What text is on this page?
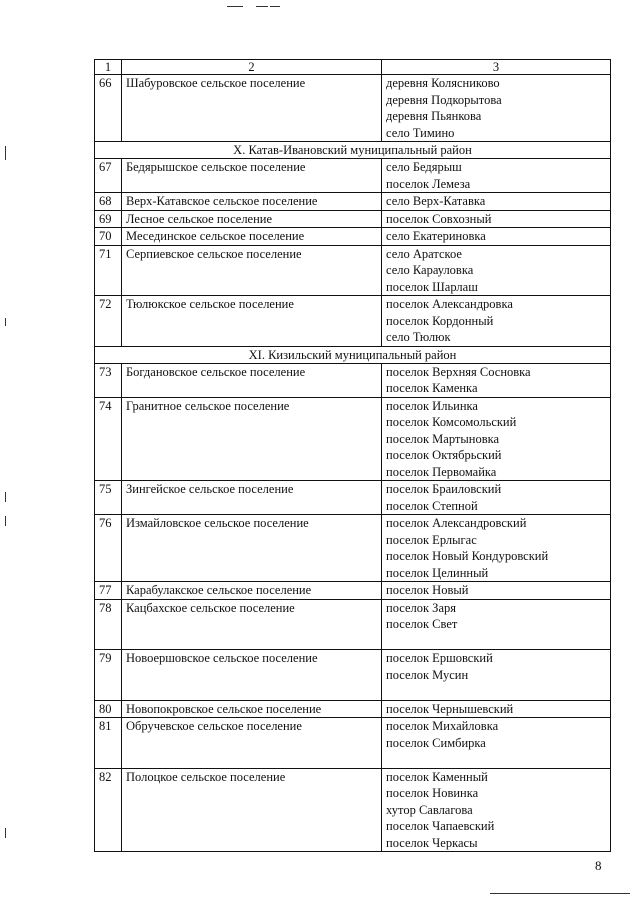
1	2	3
66	Шабуровское сельское поселение	деревня Колясниково
деревня Подкорытова
деревня Пьянкова
село Тимино

X. Катав-Ивановский муниципальный район		
67	Бедярышское сельское поселение	село Бедярыш
поселок Лемеза

68	Верх-Катавское сельское поселение	село Верх-Катавка

69	Лесное сельское поселение	поселок Совхозный

70	Месединское сельское поселение	село Екатериновка

71	Серпиевское сельское поселение	село Аратское
село Карауловка
поселок Шарлаш

72	Тюлюкское сельское поселение	поселок Александровка
поселок Кордонный
село Тюлюк

XI. Кизильский муниципальный район		
73	Богдановское сельское поселение	поселок Верхняя Сосновка
поселок Каменка

74	Гранитное сельское поселение	поселок Ильинка
поселок Комсомольский
поселок Мартыновка
поселок Октябрьский
поселок Первомайка

75	Зингейское сельское поселение	поселок Браиловский
поселок Степной

76	Измайловское сельское поселение	поселок Александровский
поселок Ерлыгас
поселок Новый Кондуровский
поселок Целинный

77	Карабулакское сельское поселение	поселок Новый

78	Кацбахское сельское поселение	поселок Заря
поселок Свет

79	Новоершовское сельское поселение	поселок Ершовский
поселок Мусин

80	Новопокровское сельское поселение	поселок Чернышевский

81	Обручевское сельское поселение	поселок Михайловка
поселок Симбирка

82	Полоцкое сельское поселение	поселок Каменный
поселок Новинка
хутор Савлагова
поселок Чапаевский
поселок Черкасы
8
